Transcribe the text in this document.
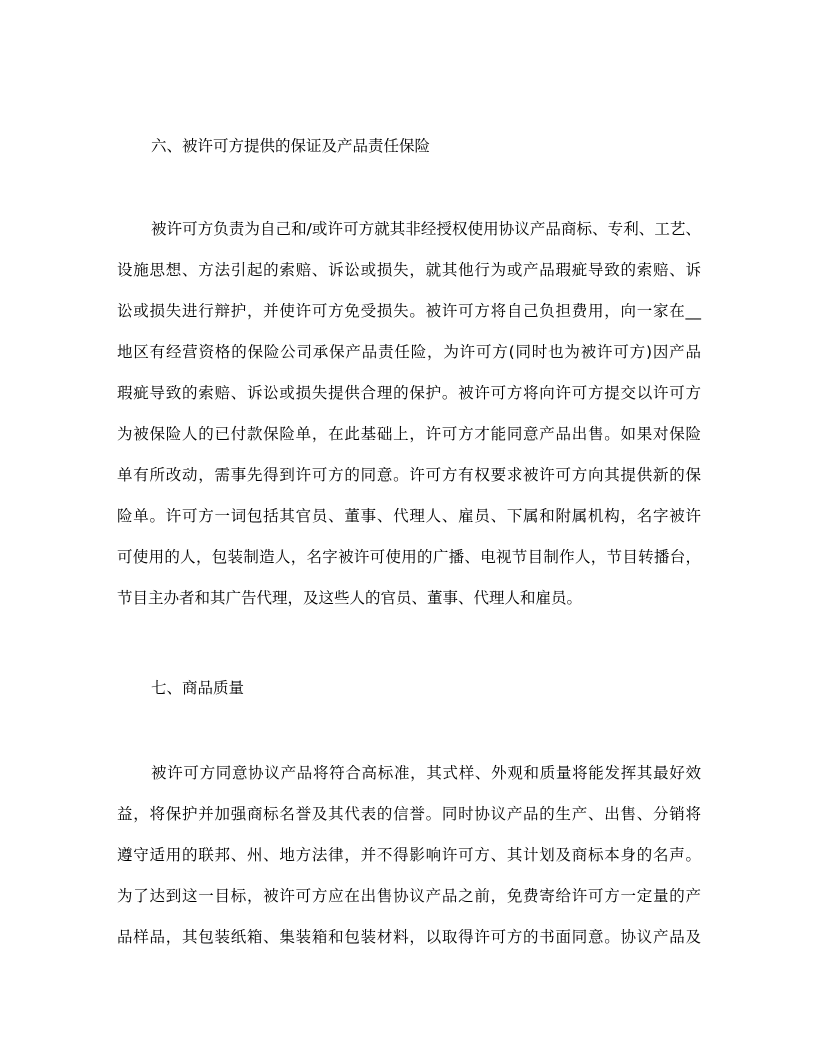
六、被许可方提供的保证及产品责任保险
被许可方负责为自己和/或许可方就其非经授权使用协议产品商标、专利、工艺、
设施思想、方法引起的索赔、诉讼或损失，就其他行为或产品瑕疵导致的索赔、诉
讼或损失进行辩护，并使许可方免受损失。被许可方将自己负担费用，向一家在__
地区有经营资格的保险公司承保产品责任险，为许可方(同时也为被许可方)因产品
瑕疵导致的索赔、诉讼或损失提供合理的保护。被许可方将向许可方提交以许可方
为被保险人的已付款保险单，在此基础上，许可方才能同意产品出售。如果对保险
单有所改动，需事先得到许可方的同意。许可方有权要求被许可方向其提供新的保
险单。许可方一词包括其官员、董事、代理人、雇员、下属和附属机构，名字被许
可使用的人，包装制造人，名字被许可使用的广播、电视节目制作人，节目转播台，
节目主办者和其广告代理，及这些人的官员、董事、代理人和雇员。
七、商品质量
被许可方同意协议产品将符合高标准，其式样、外观和质量将能发挥其最好效
益，将保护并加强商标名誉及其代表的信誉。同时协议产品的生产、出售、分销将
遵守适用的联邦、州、地方法律，并不得影响许可方、其计划及商标本身的名声。
为了达到这一目标，被许可方应在出售协议产品之前，免费寄给许可方一定量的产
品样品，其包装纸箱、集装箱和包装材料，以取得许可方的书面同意。协议产品及
